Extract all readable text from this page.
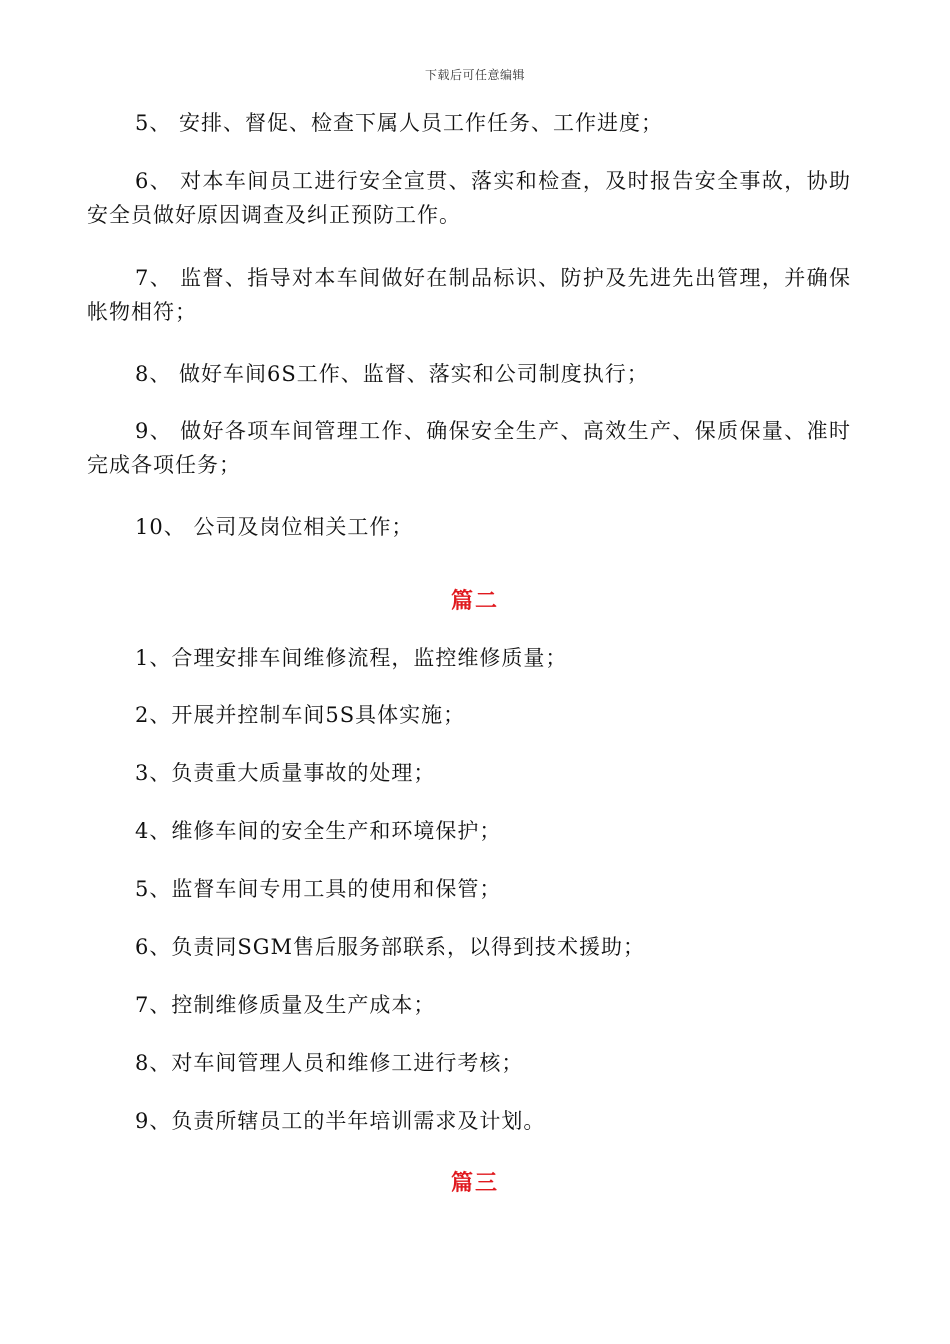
下载后可任意编辑

5、 安排、督促、检查下属人员工作任务、工作进度；

6、 对本车间员工进行安全宣贯、落实和检查，及时报告安全事故，协助安全员做好原因调查及纠正预防工作。

7、 监督、指导对本车间做好在制品标识、防护及先进先出管理，并确保帐物相符；

8、 做好车间6S工作、监督、落实和公司制度执行；

9、 做好各项车间管理工作、确保安全生产、高效生产、保质保量、准时完成各项任务；

10、 公司及岗位相关工作；

篇二
1、合理安排车间维修流程，监控维修质量；
2、开展并控制车间5S具体实施；
3、负责重大质量事故的处理；
4、维修车间的安全生产和环境保护；
5、监督车间专用工具的使用和保管；
6、负责同SGM售后服务部联系，以得到技术援助；
7、控制维修质量及生产成本；
8、对车间管理人员和维修工进行考核；
9、负责所辖员工的半年培训需求及计划。
篇三
